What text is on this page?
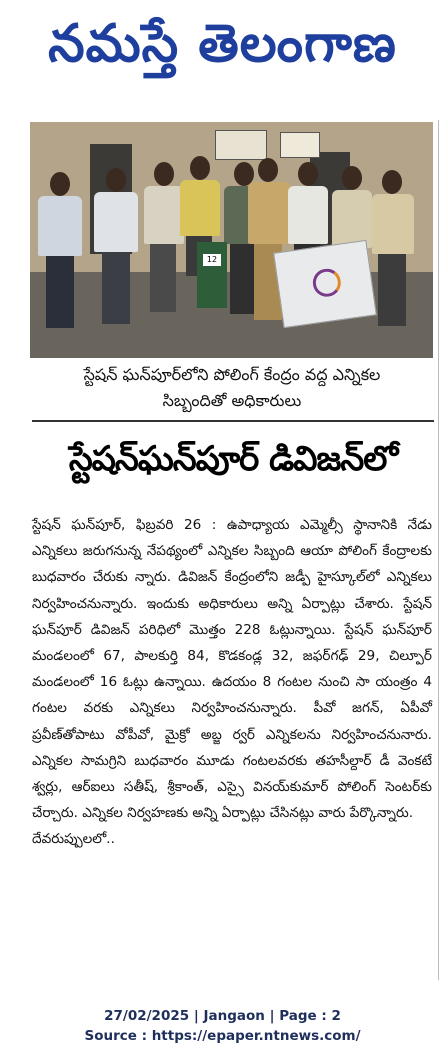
నమస్తే తెలంగాణ
12
స్టేషన్ ఘన్‌పూర్‌లోని పోలింగ్ కేంద్రం వద్ద ఎన్నికల సిబ్బందితో అధికారులు
స్టేషన్‌ఘన్‌పూర్ డివిజన్‌లో
స్టేషన్ ఘన్‌పూర్, ఫిబ్రవరి 26 : ఉపాధ్యాయ ఎమ్మెల్సీ స్థానానికి నేడు ఎన్నికలు జరుగనున్న నేపథ్యంలో ఎన్నికల సిబ్బంది ఆయా పోలింగ్ కేంద్రాలకు బుధవారం చేరుకు న్నారు. డివిజన్ కేంద్రంలోని జడ్పీ హైస్కూల్‌లో ఎన్నికలు నిర్వహించనున్నారు. ఇందుకు అధికారులు అన్ని ఏర్పాట్లు చేశారు. స్టేషన్ ఘన్‌పూర్ డివిజన్ పరిధిలో మొత్తం 228 ఓట్లున్నాయి. స్టేషన్ ఘన్‌పూర్ మండలంలో 67, పాలకుర్తి 84, కొడకండ్ల 32, జఫర్‌గఢ్ 29, చిల్పూర్ మండలంలో 16 ఓట్లు ఉన్నాయి. ఉదయం 8 గంటల నుంచి సా యంత్రం 4 గంటల వరకు ఎన్నికలు నిర్వహించనున్నారు. పీవో జగన్, ఏపీవో ప్రవీణ్‌తోపాటు వోపీవో, మైక్రో అబ్జ ర్వర్ ఎన్నికలను నిర్వహించనునారు. ఎన్నికల సామగ్రిని బుధవారం మూడు గంటలవరకు తహసీల్దార్ డీ వెంకటే శ్వర్లు, ఆర్‌ఐలు సతీష్, శ్రీకాంత్, ఎస్సై వినయ్‌కుమార్ పోలింగ్ సెంటర్‌కు చేర్చారు. ఎన్నికల నిర్వహణకు అన్ని ఏర్పాట్లు చేసినట్లు వారు పేర్కొన్నారు.
దేవరుప్పులలో..
27/02/2025 | Jangaon | Page : 2
Source : https://epaper.ntnews.com/
